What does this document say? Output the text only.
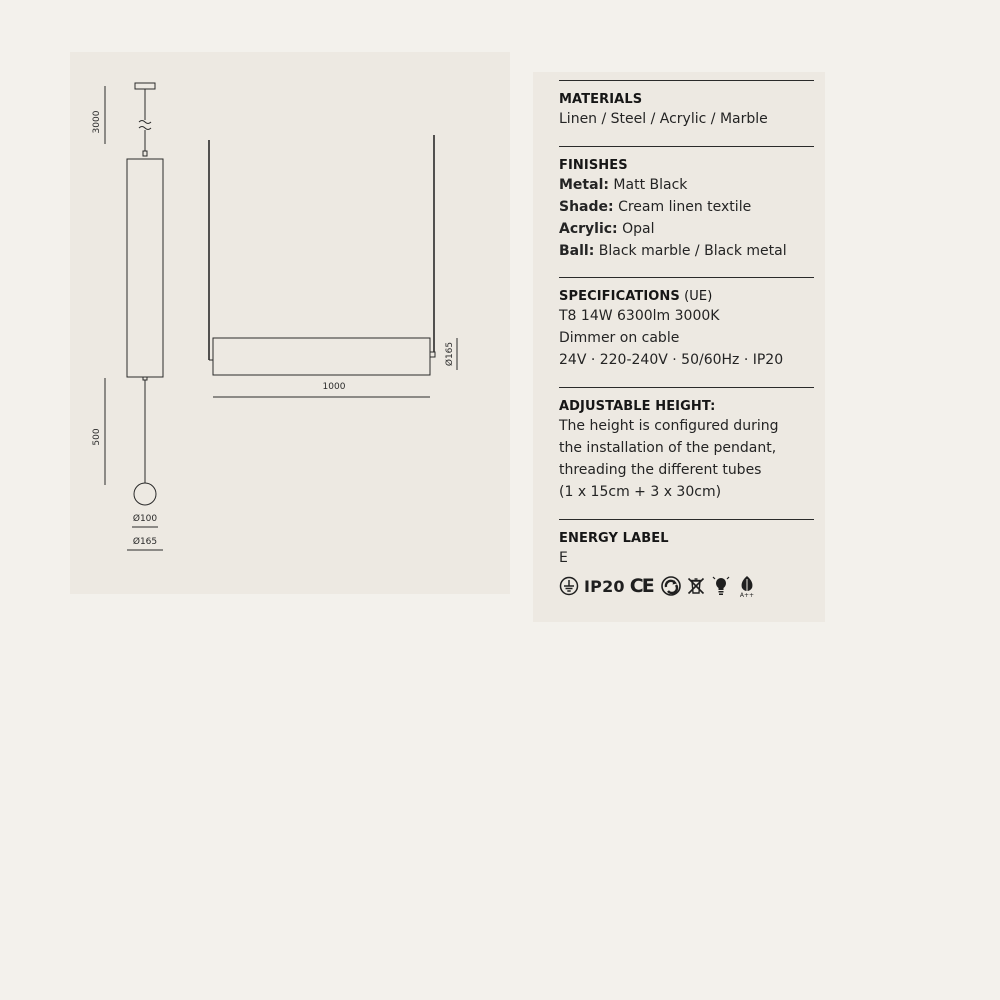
3000
500
Ø100
Ø165
1000
Ø165
MATERIALS
Linen / Steel / Acrylic / Marble
FINISHES
Metal: Matt Black
Shade: Cream linen textile
Acrylic: Opal
Ball: Black marble / Black metal
SPECIFICATIONS (UE)
T8 14W 6300lm 3000K
Dimmer on cable
24V · 220-240V · 50/60Hz · IP20
ADJUSTABLE HEIGHT:
The height is configured during
the installation of the pendant,
threading the different tubes
(1 x 15cm + 3 x 30cm)
ENERGY LABEL
E
IP20 CE	A++
